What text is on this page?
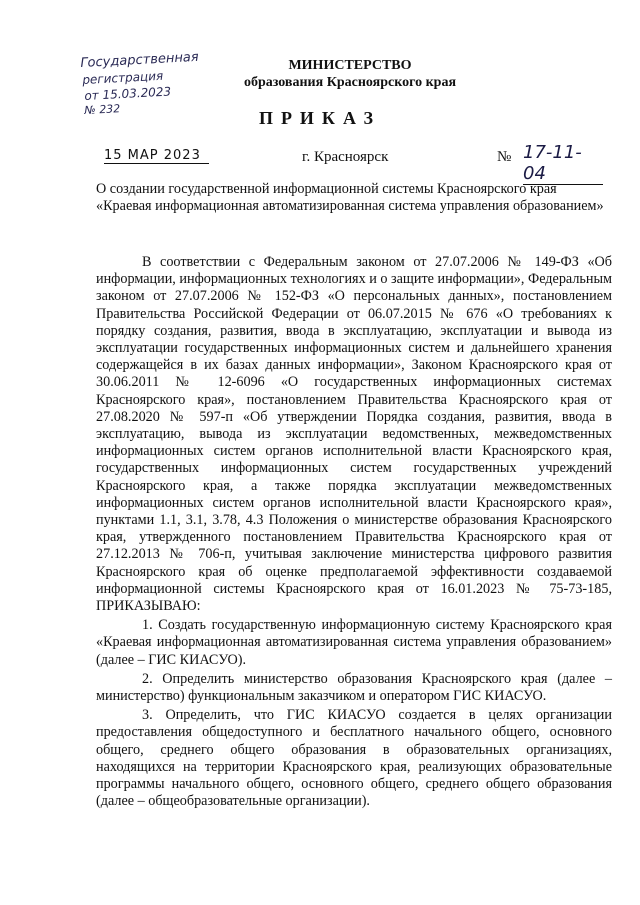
Государственная
регистрация
от 15.03.2023
№ 232
МИНИСТЕРСТВО
образования Красноярского края
ПРИКАЗ
15 МАР 2023	г. Красноярск	№ 17-11-04
О создании государственной информационной системы Красноярского края «Краевая информационная автоматизированная система управления образованием»

В соответствии с Федеральным законом от 27.07.2006 № 149-ФЗ «Об информации, информационных технологиях и о защите информации», Федеральным законом от 27.07.2006 № 152-ФЗ «О персональных данных», постановлением Правительства Российской Федерации от 06.07.2015 № 676 «О требованиях к порядку создания, развития, ввода в эксплуатацию, эксплуатации и вывода из эксплуатации государственных информационных систем и дальнейшего хранения содержащейся в их базах данных информации», Законом Красноярского края от 30.06.2011 № 12-6096 «О государственных информационных системах Красноярского края», постановлением Правительства Красноярского края от 27.08.2020 № 597-п «Об утверждении Порядка создания, развития, ввода в эксплуатацию, вывода из эксплуатации ведомственных, межведомственных информационных систем органов исполнительной власти Красноярского края, государственных информационных систем государственных учреждений Красноярского края, а также порядка эксплуатации межведомственных информационных систем органов исполнительной власти Красноярского края», пунктами 1.1, 3.1, 3.78, 4.3 Положения о министерстве образования Красноярского края, утвержденного постановлением Правительства Красноярского края от 27.12.2013 № 706-п, учитывая заключение министерства цифрового развития Красноярского края об оценке предполагаемой эффективности создаваемой информационной системы Красноярского края от 16.01.2023 № 75-73-185, ПРИКАЗЫВАЮ:

1. Создать государственную информационную систему Красноярского края «Краевая информационная автоматизированная система управления образованием» (далее – ГИС КИАСУО).

2. Определить министерство образования Красноярского края (далее – министерство) функциональным заказчиком и оператором ГИС КИАСУО.

3. Определить, что ГИС КИАСУО создается в целях организации предоставления общедоступного и бесплатного начального общего, основного общего, среднего общего образования в образовательных организациях, находящихся на территории Красноярского края, реализующих образовательные программы начального общего, основного общего, среднего общего образования (далее – общеобразовательные организации).
